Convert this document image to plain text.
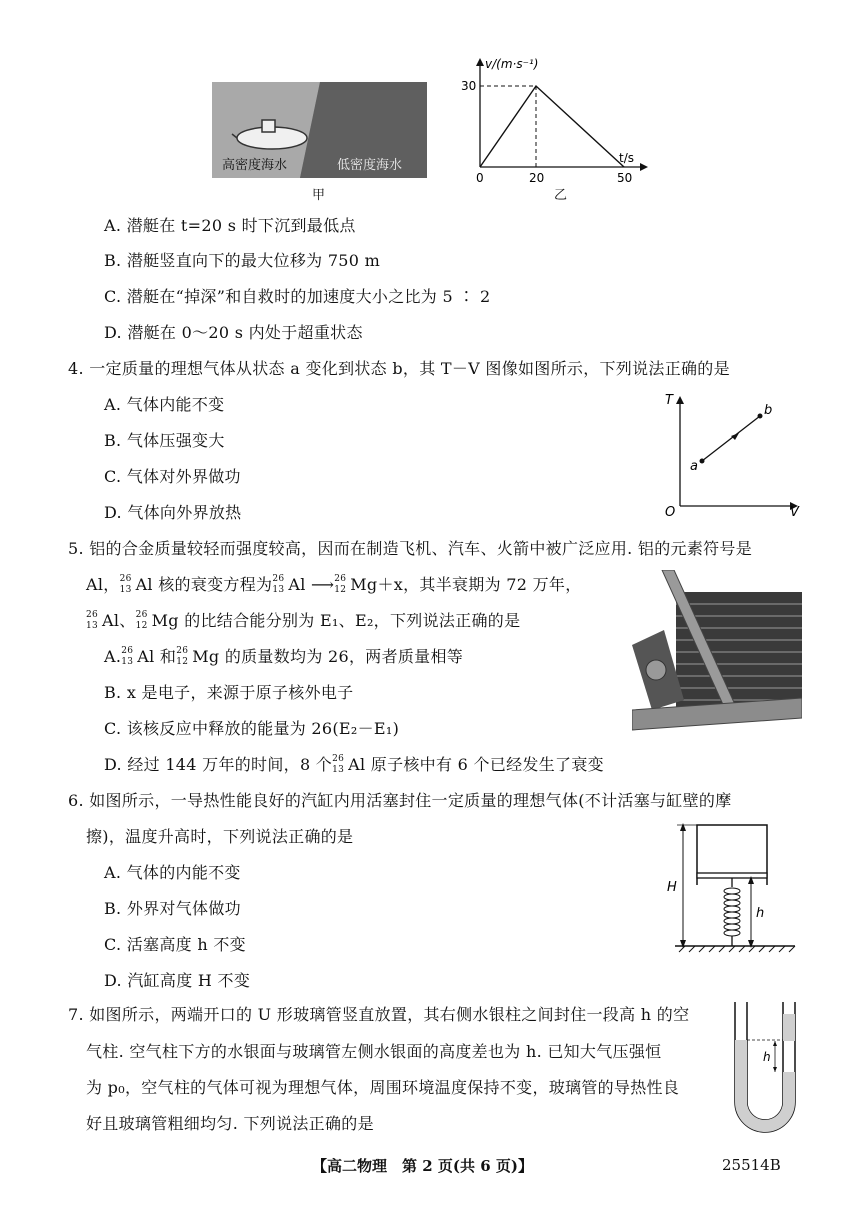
高密度海水	低密度海水
甲
v/(m·s⁻¹)
t/s
30
0	20	50
乙
A. 潜艇在 t=20 s 时下沉到最低点
B. 潜艇竖直向下的最大位移为 750 m
C. 潜艇在“掉深”和自救时的加速度大小之比为 5 ∶ 2
D. 潜艇在 0～20 s 内处于超重状态
4. 一定质量的理想气体从状态 a 变化到状态 b，其 T－V 图像如图所示，下列说法正确的是
A. 气体内能不变
B. 气体压强变大
C. 气体对外界做功
D. 气体向外界放热
T
V
O
a
b
5. 铝的合金质量较轻而强度较高，因而在制造飞机、汽车、火箭中被广泛应用. 铝的元素符号是
Al， 26
13 Al 核的衰变方程为 26
13 Al ⟶ 26
12 Mg＋x，其半衰期为 72 万年，
26
13 Al、 26
12 Mg 的比结合能分别为 E₁、E₂，下列说法正确的是
A. 26
13 Al 和 26
12 Mg 的质量数均为 26，两者质量相等
B. x 是电子，来源于原子核外电子
C. 该核反应中释放的能量为 26(E₂－E₁)
D. 经过 144 万年的时间，8 个 26
13 Al 原子核中有 6 个已经发生了衰变
6. 如图所示，一导热性能良好的汽缸内用活塞封住一定质量的理想气体(不计活塞与缸壁的摩
擦)，温度升高时，下列说法正确的是
A. 气体的内能不变
B. 外界对气体做功
C. 活塞高度 h 不变
D. 汽缸高度 H 不变
H
h
7. 如图所示，两端开口的 U 形玻璃管竖直放置，其右侧水银柱之间封住一段高 h 的空
气柱. 空气柱下方的水银面与玻璃管左侧水银面的高度差也为 h. 已知大气压强恒
为 p₀，空气柱的气体可视为理想气体，周围环境温度保持不变，玻璃管的导热性良
好且玻璃管粗细均匀. 下列说法正确的是
h
【高二物理　第 2 页(共 6 页)】	25514B
